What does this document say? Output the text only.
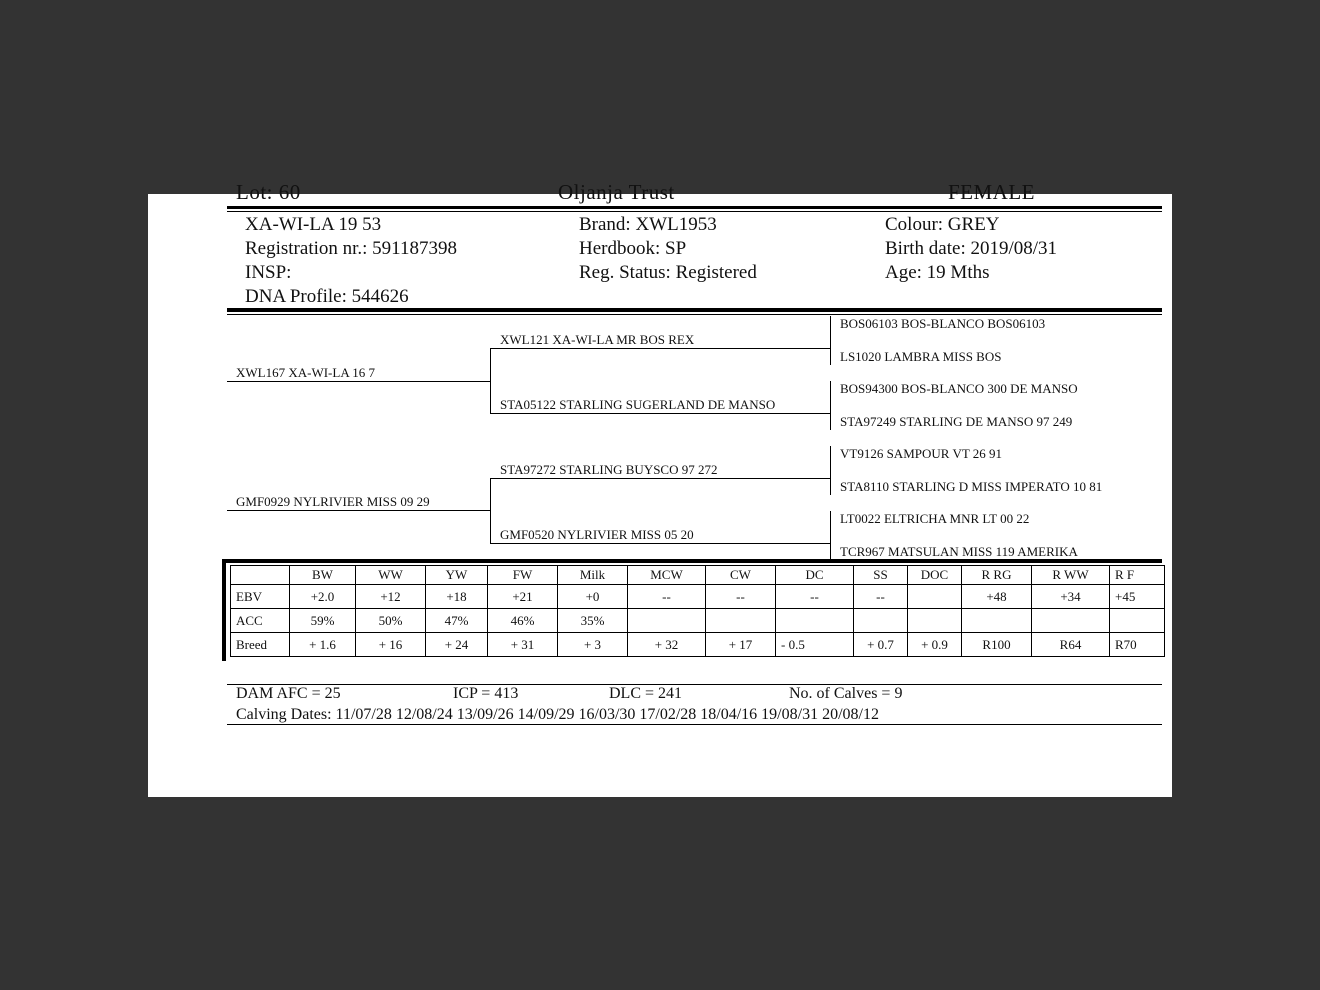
Lot: 60	Oljanja Trust	FEMALE
XA-WI-LA 19 53
Registration nr.: 591187398
INSP:
DNA Profile: 544626
Brand: XWL1953
Herdbook: SP
Reg. Status: Registered
Colour: GREY
Birth date: 2019/08/31
Age: 19 Mths
XWL167 XA-WI-LA 16 7
GMF0929 NYLRIVIER MISS 09 29
XWL121 XA-WI-LA MR BOS REX
STA05122 STARLING SUGERLAND DE MANSO
STA97272 STARLING BUYSCO 97 272
GMF0520 NYLRIVIER MISS 05 20
BOS06103 BOS-BLANCO BOS06103
LS1020 LAMBRA MISS BOS
BOS94300 BOS-BLANCO 300 DE MANSO
STA97249 STARLING DE MANSO 97 249
VT9126 SAMPOUR VT 26 91
STA8110 STARLING D MISS IMPERATO 10 81
LT0022 ELTRICHA MNR LT 00 22
TCR967 MATSULAN MISS 119 AMERIKA
	BW	WW	YW	FW	Milk	MCW	CW	DC	SS	DOC	R RG	R WW	R F
EBV	+2.0	+12	+18	+21	+0	--	--	--	--		+48	+34	+45
ACC	59%	50%	47%	46%	35%								
Breed	+ 1.6	+ 16	+ 24	+ 31	+ 3	+ 32	+ 17	- 0.5	+ 0.7	+ 0.9	R100	R64	R70
DAM AFC = 25	ICP = 413	DLC = 241	No. of Calves = 9
Calving Dates: 11/07/28 12/08/24 13/09/26 14/09/29 16/03/30 17/02/28 18/04/16 19/08/31 20/08/12
